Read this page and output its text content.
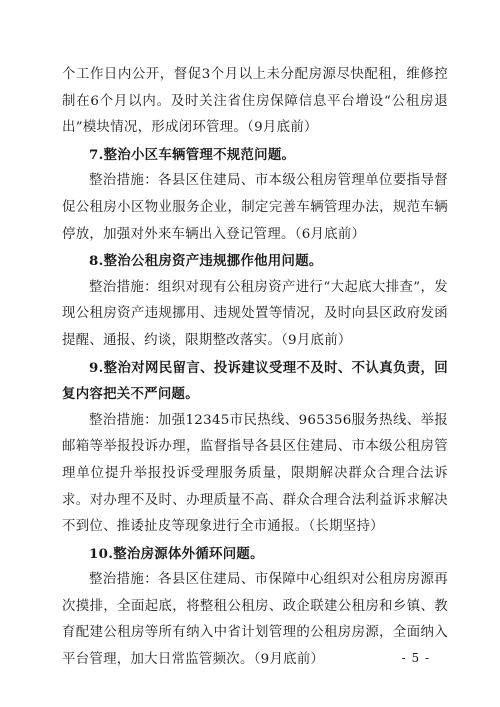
个工作日内公开，督促3个月以上未分配房源尽快配租，维修控制在6个月以内。及时关注省住房保障信息平台增设“公租房退出”模块情况，形成闭环管理。（9月底前）

7.整治小区车辆管理不规范问题。

整治措施：各县区住建局、市本级公租房管理单位要指导督促公租房小区物业服务企业，制定完善车辆管理办法，规范车辆停放，加强对外来车辆出入登记管理。（6月底前）

8.整治公租房资产违规挪作他用问题。

整治措施：组织对现有公租房资产进行“大起底大排查”，发现公租房资产违规挪用、违规处置等情况，及时向县区政府发函提醒、通报、约谈，限期整改落实。（9月底前）

9.整治对网民留言、投诉建议受理不及时、不认真负责，回复内容把关不严问题。

整治措施：加强12345市民热线、965356服务热线、举报邮箱等举报投诉办理，监督指导各县区住建局、市本级公租房管理单位提升举报投诉受理服务质量，限期解决群众合理合法诉求。对办理不及时、办理质量不高、群众合理合法利益诉求解决不到位、推诿扯皮等现象进行全市通报。（长期坚持）

10.整治房源体外循环问题。

整治措施：各县区住建局、市保障中心组织对公租房房源再次摸排，全面起底，将整租公租房、政企联建公租房和乡镇、教育配建公租房等所有纳入中省计划管理的公租房房源，全面纳入平台管理，加大日常监管频次。（9月底前）	- 5 -
